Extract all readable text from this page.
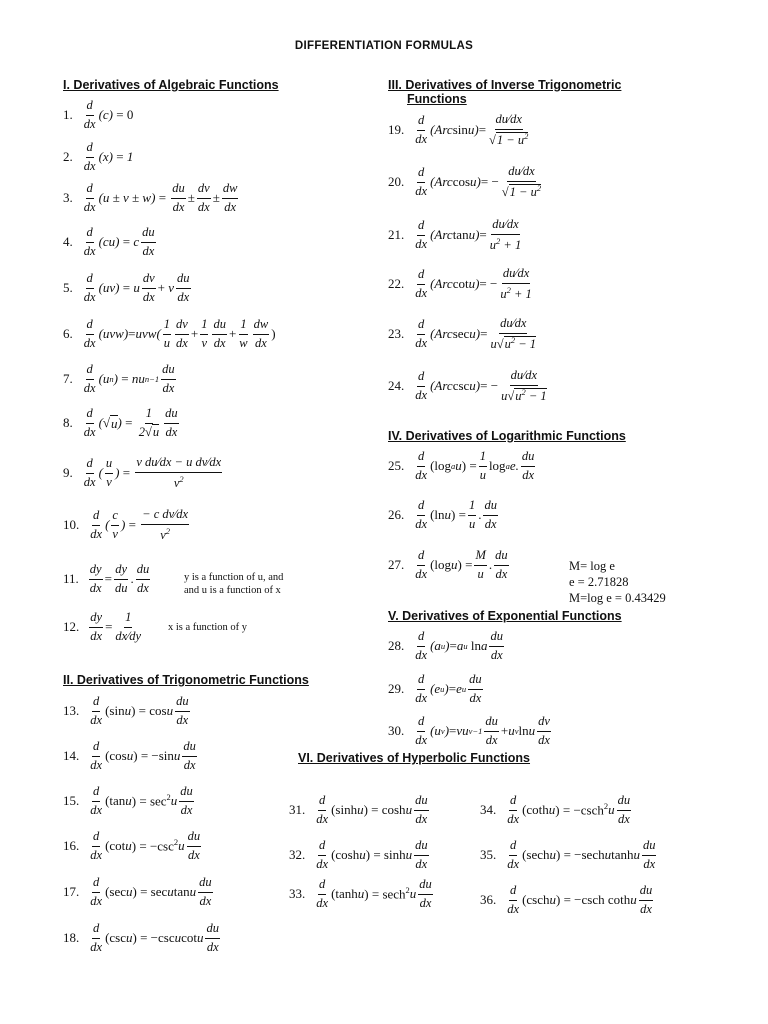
DIFFERENTIATION FORMULAS
I. Derivatives of Algebraic Functions
II. Derivatives of Trigonometric Functions
III. Derivatives of Inverse Trigonometric
Functions
IV. Derivatives of Logarithmic Functions
V. Derivatives of Exponential Functions
VI. Derivatives of Hyperbolic Functions
1. $\frac{d}{dx} (c) = 0$
2. $\frac{d}{dx} (x) = 1$
3. $\frac{d}{dx} (u \pm v \pm w) = \frac{du}{dx} \pm \frac{dv}{dx} \pm \frac{dw}{dx}$
4. $\frac{d}{dx} (cu) = c \frac{du}{dx}$
5. $\frac{d}{dx} (uv) = u \frac{dv}{dx} + v \frac{du}{dx}$
6. $\frac{d}{dx} (uvw) = uvw( \frac{1}{u} \frac{dv}{dx} + \frac{1}{v} \frac{du}{dx} + \frac{1}{w} \frac{dw}{dx}$ )
7. $\frac{d}{dx} (u$ n ) = nu $n-1 \frac{du}{dx}$
8. $\frac{d}{dx}$ (√ u ) = $\frac{1}{2√u} \frac{du}{dx}$
9. $\frac{d}{dx}$ ( $\frac{u}{v}$ ) = $\frac{\text{v du⁄dx − u dv⁄dx}}{v^2}$
10. $\frac{d}{dx}$ ( $\frac{c}{v}$ ) = $\frac{\text{− c dv⁄dx}}{v^2}$
11. $\frac{dy}{dx} = \frac{dy}{du}$ . $\frac{du}{dx}$	y is a function of u, and
and u is a function of x
12. $\frac{dy}{dx} = \frac{1}{dx⁄dy}$ x is a function of y
13. $\frac{d}{dx} (\sin$ u ) = cos u $\frac{du}{dx}$
14. $\frac{d}{dx} (\cos$ u ) = −sin u $\frac{du}{dx}$
15. $\frac{d}{dx} (\tan$ u ) = $\sec^2 u \frac{du}{dx}$
16. $\frac{d}{dx} (\cot$ u ) = $-\csc^2$ u $\frac{du}{dx}$
17. $\frac{d}{dx} (\sec$ u ) = sec u tan u $\frac{du}{dx}$
18. $\frac{d}{dx} (\csc$ u ) = −csc u cot u $\frac{du}{dx}$
19. $\frac{d}{dx} (Arc$ $\sin u) = \frac{du⁄dx}{√1 - u^2}$
20. $\frac{d}{dx} (Arc$ cos u) = − $\frac{du⁄dx}{√1 - u^2}$
21. $\frac{d}{dx} (Arc$ $\tan u) = \frac{du⁄dx}{u^2 + 1}$
22. $\frac{d}{dx} (Arc$ cot u) = − $\frac{du⁄dx}{u^2 + 1}$
23. $\frac{d}{dx} (Arc$ $\sec u) = \frac{du⁄dx}{u√u^2 - 1}$
24. $\frac{d}{dx} (Arc$ csc u) = − $\frac{du⁄dx}{u√u^2 - 1}$
25. $\frac{d}{dx} (\log$ a u ) = $\frac{1}{u}$ log a e. $\frac{du}{dx}$
26. $\frac{d}{dx} (\ln$ u ) = $\frac{1}{u}$ . $\frac{du}{dx}$
27. $\frac{d}{dx} (\log$ u ) = $\frac{M}{u}$ . $\frac{du}{dx}$	M= log e
e = 2.71828
M=log e = 0.43429
28. $\frac{d}{dx} (a$ u ) = a u ln a $\frac{du}{dx}$
29. $\frac{d}{dx} (e$ u ) = e u $\frac{du}{dx}$
30. $\frac{d}{dx} (u$ v ) = vu $v-1 \frac{du}{dx} + u$ v ln u $\frac{dv}{dx}$
31. $\frac{d}{dx} (\sinh$ u ) = cosh u $\frac{du}{dx}$
32. $\frac{d}{dx} (\cosh$ u ) = sinh u $\frac{du}{dx}$
33. $\frac{d}{dx} (\tanh$ u ) = sech$^2$ u $\frac{du}{dx}$
34. $\frac{d}{dx} (\cot h$ u ) = −csch$^2$ u $\frac{du}{dx}$
35. $\frac{d}{dx} (\sec h$ u ) = −sech u tanh u $\frac{du}{dx}$
36. $\frac{d}{dx} (\csc h$ u ) = −csch coth u $\frac{du}{dx}$
